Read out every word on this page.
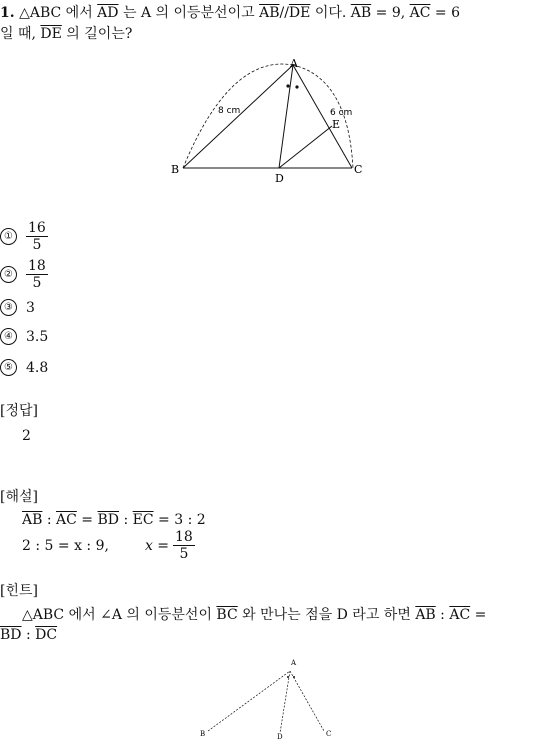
1. △ABC 에서 $\overline{AD}$ 는 A 의 이등분선이고 $\overline{AB}//\overline{DE}$ 이다. $\overline{AB} = 9$, $\overline{AC} = 6$
일 때, $\overline{DE}$ 의 길이는?
A
B	C
D
E
8 cm	6 cm
① $\frac{16}{5}$
② $\frac{18}{5}$
③ 3
④ 3.5
⑤ 4.8
[정답]
2
[해설]
$\overline{AB}$ : $\overline{AC} = \overline{BD}$ : $\overline{EC} = 3$ : 2
2 : 5 = x : 9,	$x = \frac{18}{5}$
[힌트]
△ABC 에서 ∠A 의 이등분선이 $\overline{BC}$ 와 만나는 점을 D 라고 하면 $\overline{AB}$ : $\overline{AC}$ =
$\overline{BD}$ : $\overline{DC}$
A
B	C
D
